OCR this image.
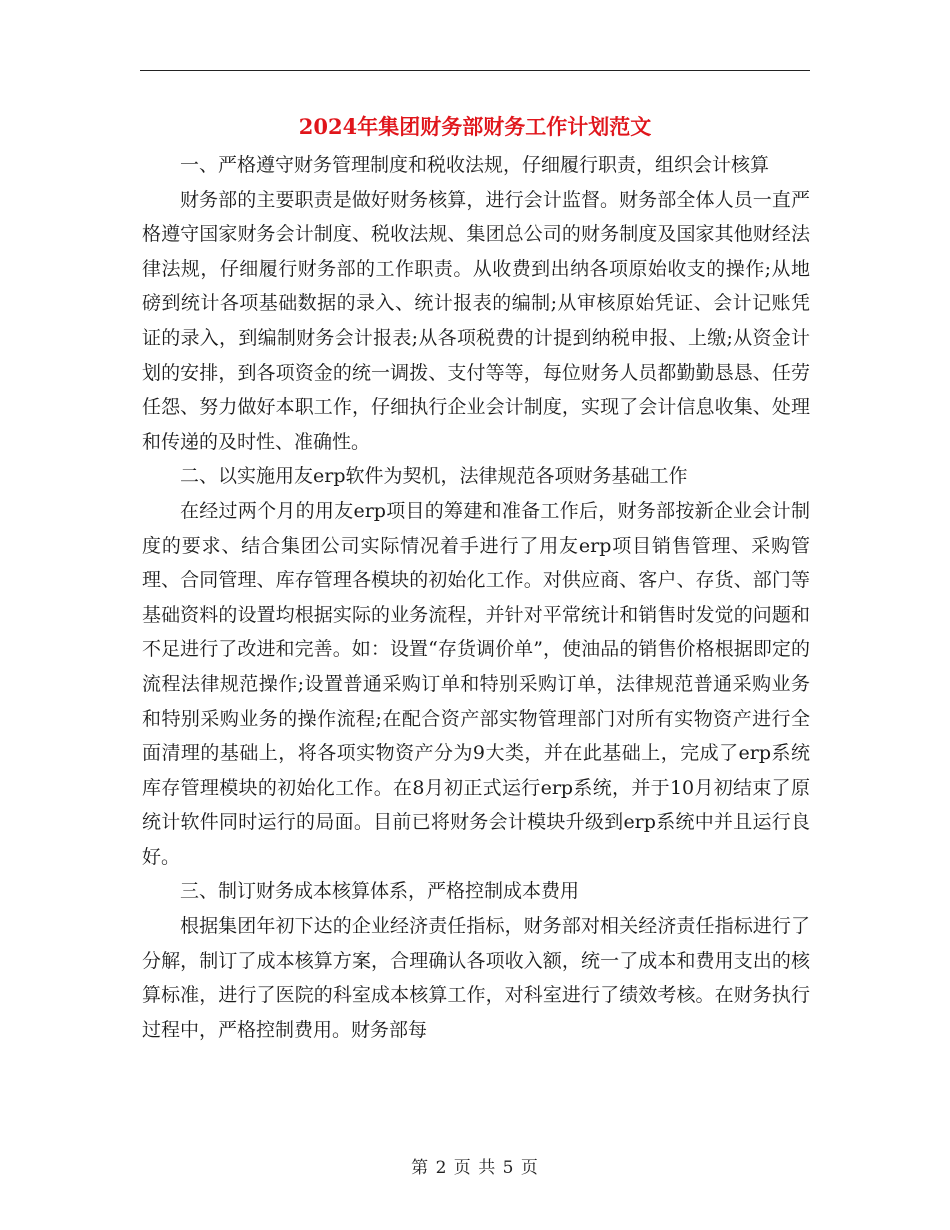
2024年集团财务部财务工作计划范文

一、严格遵守财务管理制度和税收法规，仔细履行职责，组织会计核算

财务部的主要职责是做好财务核算，进行会计监督。财务部全体人员一直严格遵守国家财务会计制度、税收法规、集团总公司的财务制度及国家其他财经法律法规，仔细履行财务部的工作职责。从收费到出纳各项原始收支的操作;从地磅到统计各项基础数据的录入、统计报表的编制;从审核原始凭证、会计记账凭证的录入，到编制财务会计报表;从各项税费的计提到纳税申报、上缴;从资金计划的安排，到各项资金的统一调拨、支付等等，每位财务人员都勤勤恳恳、任劳任怨、努力做好本职工作，仔细执行企业会计制度，实现了会计信息收集、处理和传递的及时性、准确性。

二、以实施用友erp软件为契机，法律规范各项财务基础工作

在经过两个月的用友erp项目的筹建和准备工作后，财务部按新企业会计制度的要求、结合集团公司实际情况着手进行了用友erp项目销售管理、采购管理、合同管理、库存管理各模块的初始化工作。对供应商、客户、存货、部门等基础资料的设置均根据实际的业务流程，并针对平常统计和销售时发觉的问题和不足进行了改进和完善。如：设置“存货调价单”，使油品的销售价格根据即定的流程法律规范操作;设置普通采购订单和特别采购订单，法律规范普通采购业务和特别采购业务的操作流程;在配合资产部实物管理部门对所有实物资产进行全面清理的基础上，将各项实物资产分为9大类，并在此基础上，完成了erp系统库存管理模块的初始化工作。在8月初正式运行erp系统，并于10月初结束了原统计软件同时运行的局面。目前已将财务会计模块升级到erp系统中并且运行良好。

三、制订财务成本核算体系，严格控制成本费用

根据集团年初下达的企业经济责任指标，财务部对相关经济责任指标进行了分解，制订了成本核算方案，合理确认各项收入额，统一了成本和费用支出的核算标准，进行了医院的科室成本核算工作，对科室进行了绩效考核。在财务执行过程中，严格控制费用。财务部每

第 2 页 共 5 页
